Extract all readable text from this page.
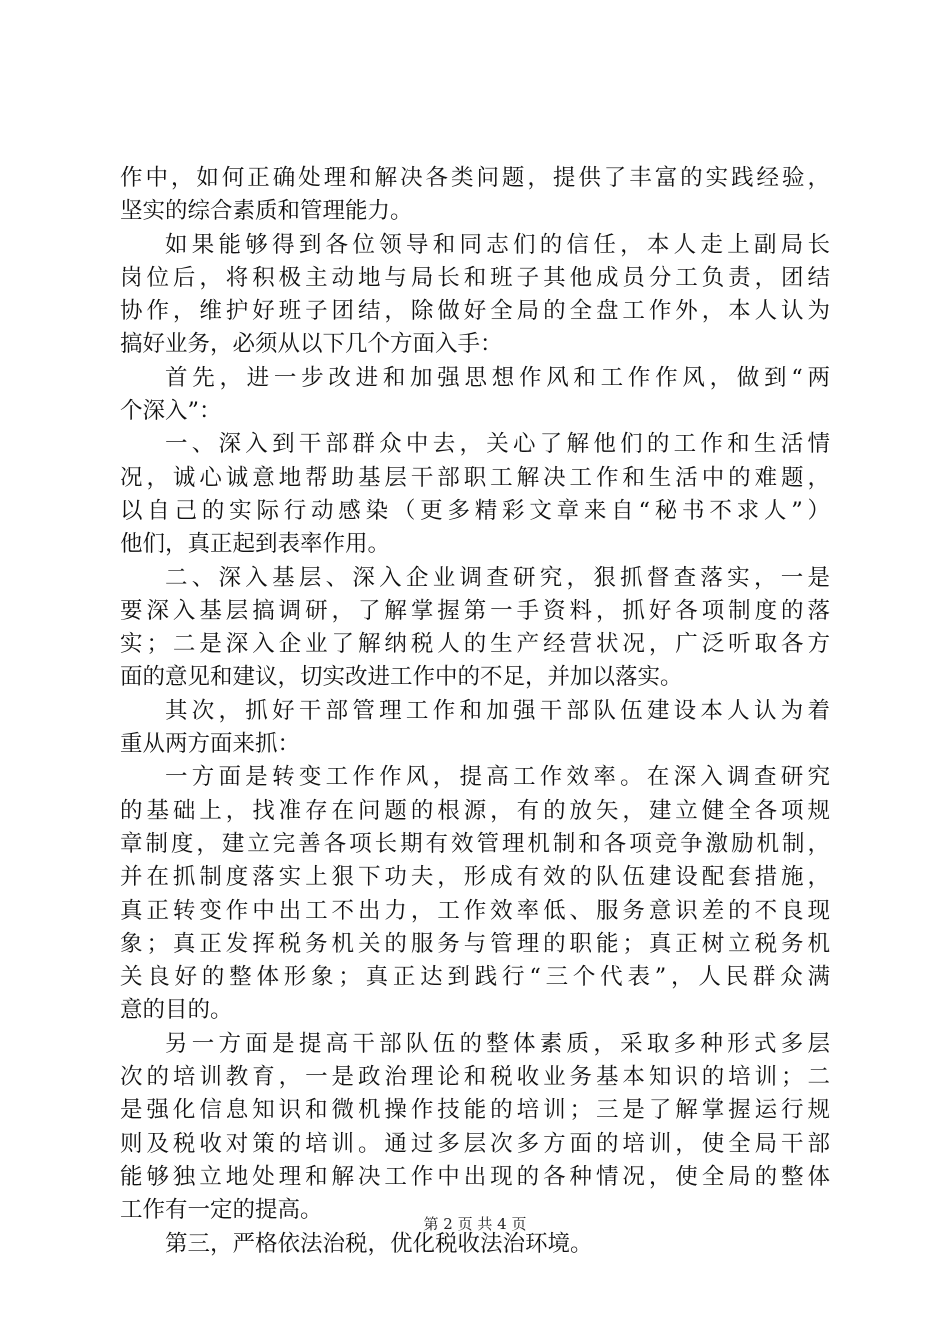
作中，如何正确处理和解决各类问题，提供了丰富的实践经验，
坚实的综合素质和管理能力。
如果能够得到各位领导和同志们的信任，本人走上副局长
岗位后，将积极主动地与局长和班子其他成员分工负责，团结
协作，维护好班子团结，除做好全局的全盘工作外，本人认为
搞好业务，必须从以下几个方面入手：
首先，进一步改进和加强思想作风和工作作风，做到“两
个深入”：
一、深入到干部群众中去，关心了解他们的工作和生活情
况，诚心诚意地帮助基层干部职工解决工作和生活中的难题，
以自己的实际行动感染（更多精彩文章来自“秘书不求人”）
他们，真正起到表率作用。
二、深入基层、深入企业调查研究，狠抓督查落实，一是
要深入基层搞调研，了解掌握第一手资料，抓好各项制度的落
实；二是深入企业了解纳税人的生产经营状况，广泛听取各方
面的意见和建议，切实改进工作中的不足，并加以落实。
其次，抓好干部管理工作和加强干部队伍建设本人认为着
重从两方面来抓：
一方面是转变工作作风，提高工作效率。在深入调查研究
的基础上，找准存在问题的根源，有的放矢，建立健全各项规
章制度，建立完善各项长期有效管理机制和各项竞争激励机制，
并在抓制度落实上狠下功夫，形成有效的队伍建设配套措施，
真正转变作中出工不出力，工作效率低、服务意识差的不良现
象；真正发挥税务机关的服务与管理的职能；真正树立税务机
关良好的整体形象；真正达到践行“三个代表”，人民群众满
意的目的。
另一方面是提高干部队伍的整体素质，采取多种形式多层
次的培训教育，一是政治理论和税收业务基本知识的培训；二
是强化信息知识和微机操作技能的培训；三是了解掌握运行规
则及税收对策的培训。通过多层次多方面的培训，使全局干部
能够独立地处理和解决工作中出现的各种情况，使全局的整体
工作有一定的提高。
第三，严格依法治税，优化税收法治环境。
第 2 页 共 4 页
